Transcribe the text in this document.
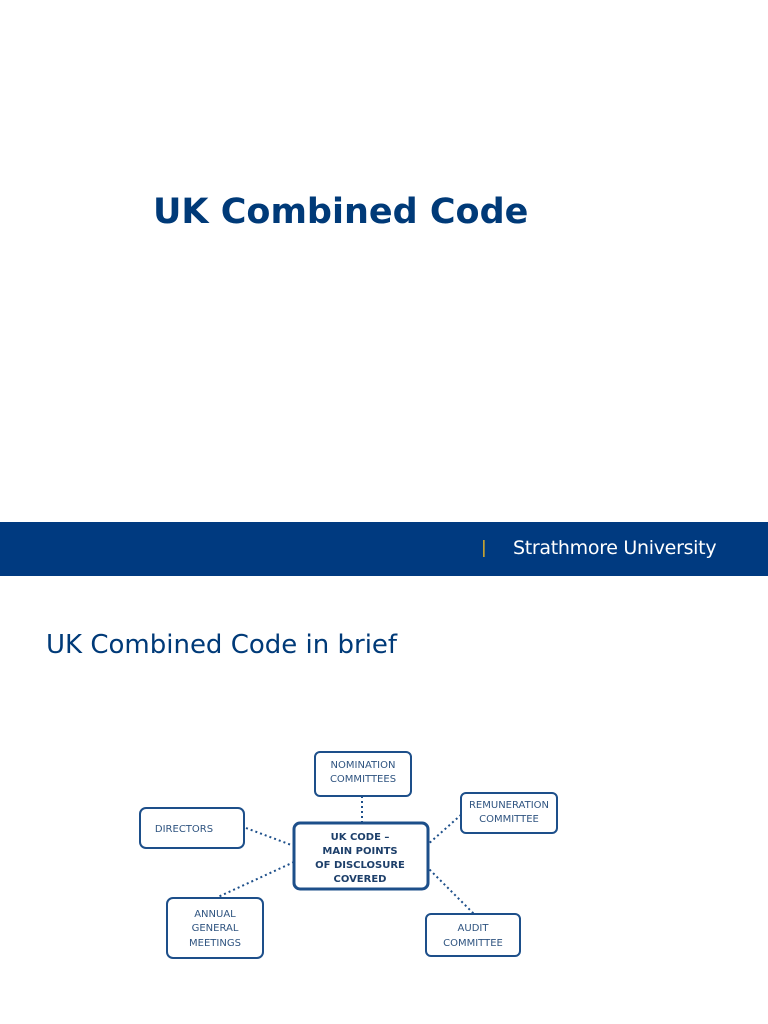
UK Combined Code
| Strathmore University
UK Combined Code in brief
NOMINATION
COMMITTEES
REMUNERATION
COMMITTEE
DIRECTORS
UK CODE –
MAIN POINTS
OF DISCLOSURE
COVERED
ANNUAL
GENERAL
MEETINGS
AUDIT
COMMITTEE
